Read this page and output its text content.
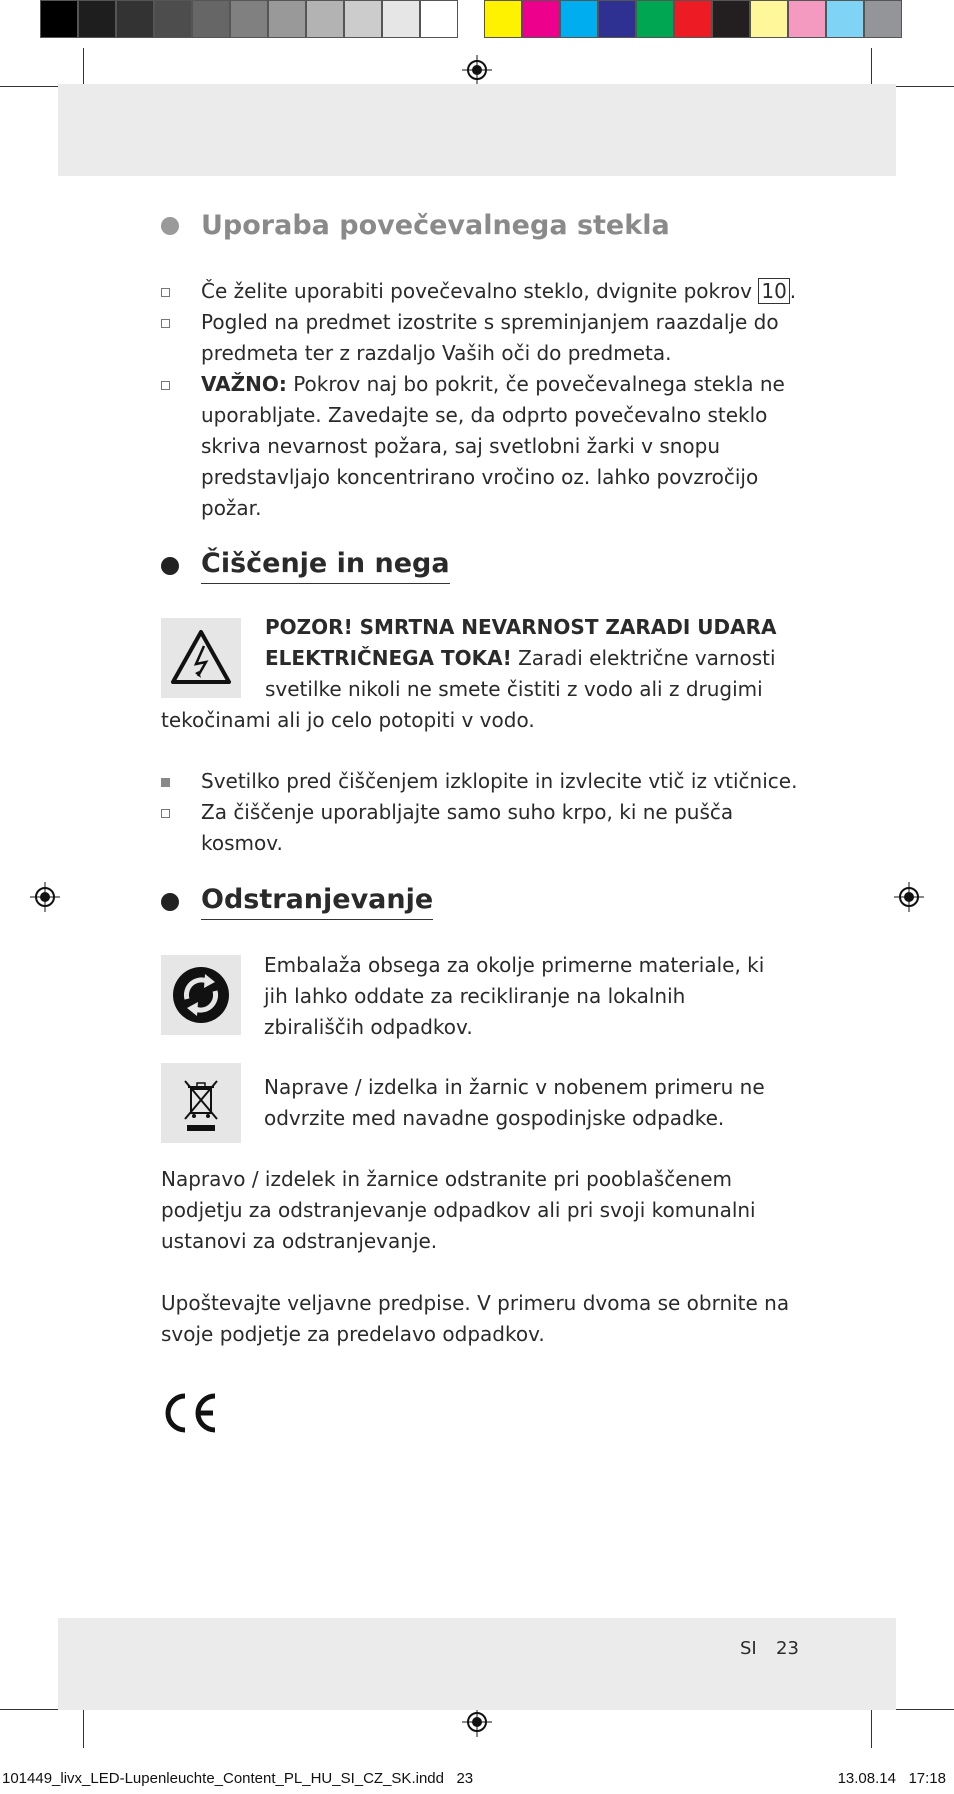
Uporaba povečevalnega stekla
Če želite uporabiti povečevalno steklo, dvignite pokrov 10 .
Pogled na predmet izostrite s spreminjanjem raazdalje do predmeta ter z razdaljo Vaših oči do predmeta.
VAŽNO: Pokrov naj bo pokrit, če povečevalnega stekla ne uporabljate. Zavedajte se, da odprto povečevalno steklo skriva nevarnost požara, saj svetlobni žarki v snopu predstavljajo koncentrirano vročino oz. lahko povzročijo požar.
Čiščenje in nega
POZOR! SMRTNA NEVARNOST ZARADI UDARA ELEKTRIČNEGA TOKA! Zaradi električne varnosti svetilke nikoli ne smete čistiti z vodo ali z drugimi tekočinami ali jo celo potopiti v vodo.
Svetilko pred čiščenjem izklopite in izvlecite vtič iz vtičnice.
Za čiščenje uporabljajte samo suho krpo, ki ne pušča kosmov.
Odstranjevanje
Embalaža obsega za okolje primerne materiale, ki jih lahko oddate za recikliranje na lokalnih zbirališčih odpadkov.
Naprave / izdelka in žarnic v nobenem primeru ne odvrzite med navadne gospodinjske odpadke.
Napravo / izdelek in žarnice odstranite pri pooblaščenem podjetju za odstranjevanje odpadkov ali pri svoji komunalni ustanovi za odstranjevanje.
Upoštevajte veljavne predpise. V primeru dvoma se obrnite na svoje podjetje za predelavo odpadkov.
SI 23
101449_livx_LED-Lupenleuchte_Content_PL_HU_SI_CZ_SK.indd   23	13.08.14   17:18
